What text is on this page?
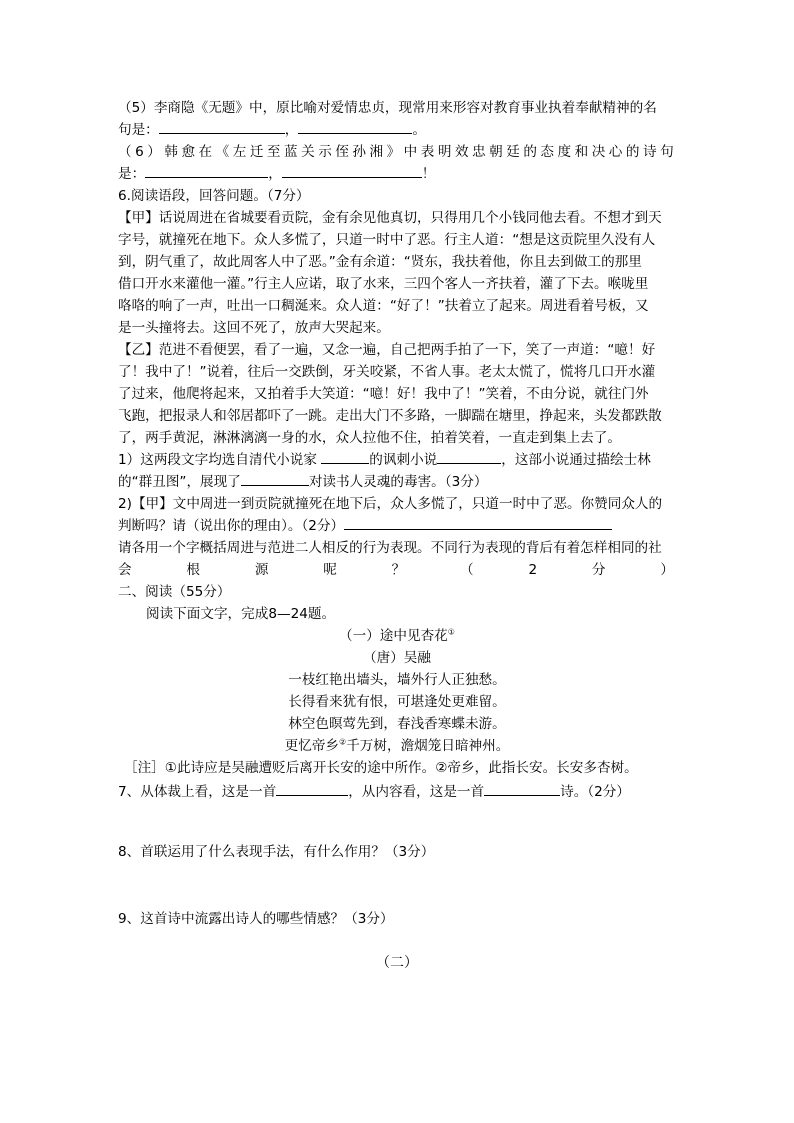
（5）李商隐《无题》中，原比喻对爱情忠贞，现常用来形容对教育事业执着奉献精神的名
句是：	，	。
（ 6 ） 韩 愈 在 《 左 迁 至 蓝 关 示 侄 孙 湘 》 中 表 明 效 忠 朝 廷 的 态 度 和 决 心 的 诗 句
是：	，	！
6.阅读语段，回答问题。（7分）
【甲】话说周进在省城要看贡院，金有余见他真切，只得用几个小钱同他去看。不想才到天
字号，就撞死在地下。众人多慌了，只道一时中了恶。行主人道：“想是这贡院里久没有人
到，阴气重了，故此周客人中了恶。”金有余道：“贤东，我扶着他，你且去到做工的那里
借口开水来灌他一灌。”行主人应诺，取了水来，三四个客人一齐扶着，灌了下去。喉咙里
咯咯的响了一声，吐出一口稠涎来。众人道：“好了！”扶着立了起来。周进看着号板，又
是一头撞将去。这回不死了，放声大哭起来。
【乙】范进不看便罢，看了一遍，又念一遍，自己把两手拍了一下，笑了一声道：“噫！好
了！我中了！”说着，往后一交跌倒，牙关咬紧，不省人事。老太太慌了，慌将几口开水灌
了过来，他爬将起来，又拍着手大笑道：“噫！好！我中了！”笑着，不由分说，就往门外
飞跑，把报录人和邻居都吓了一跳。走出大门不多路，一脚踹在塘里，挣起来，头发都跌散
了，两手黄泥，淋淋漓漓一身的水，众人拉他不住，拍着笑着，一直走到集上去了。
1）这两段文字均选自清代小说家	的讽刺小说	，这部小说通过描绘士林
的“群丑图”，展现了	对读书人灵魂的毒害。（3分）
2)【甲】文中周进一到贡院就撞死在地下后，众人多慌了，只道一时中了恶。你赞同众人的
判断吗？请（说出你的理由）。（2分）
请各用一个字概括周进与范进二人相反的行为表现。不同行为表现的背后有着怎样相同的社
会	根	源	呢	？	（	2	分	）
二、阅读（55分）
阅读下面文字，完成8—24题。
（一）途中见杏花①
（唐）吴融
一枝红艳出墙头，墙外行人正独愁。
长得看来犹有恨，可堪逢处更难留。
林空色暝莺先到，春浅香寒蝶未游。
更忆帝乡②千万树，澹烟笼日暗神州。
［注］①此诗应是吴融遭贬后离开长安的途中所作。②帝乡，此指长安。长安多杏树。
7、从体裁上看，这是一首	，从内容看，这是一首	诗。（2分）
8、首联运用了什么表现手法，有什么作用？（3分）
9、这首诗中流露出诗人的哪些情感？（3分）
（二）
